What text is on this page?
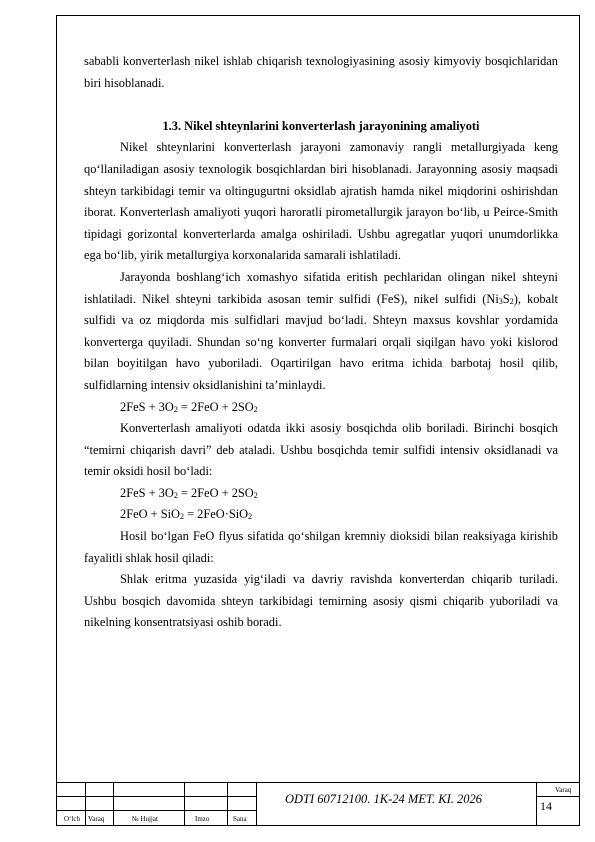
sababli konverterlash nikel ishlab chiqarish texnologiyasining asosiy kimyoviy bosqichlaridan biri hisoblanadi.

1.3. Nikel shteynlarini konverterlash jarayonining amaliyoti

Nikel shteynlarini konverterlash jarayoni zamonaviy rangli metallurgiyada keng qo‘llaniladigan asosiy texnologik bosqichlardan biri hisoblanadi. Jarayonning asosiy maqsadi shteyn tarkibidagi temir va oltingugurtni oksidlab ajratish hamda nikel miqdorini oshirishdan iborat. Konverterlash amaliyoti yuqori haroratli pirometallurgik jarayon bo‘lib, u Peirce-Smith tipidagi gorizontal konverterlarda amalga oshiriladi. Ushbu agregatlar yuqori unumdorlikka ega bo‘lib, yirik metallurgiya korxonalarida samarali ishlatiladi.

Jarayonda boshlang‘ich xomashyo sifatida eritish pechlaridan olingan nikel shteyni ishlatiladi. Nikel shteyni tarkibida asosan temir sulfidi (FeS), nikel sulfidi $(Ni_3S_2)$, kobalt sulfidi va oz miqdorda mis sulfidlari mavjud bo‘ladi. Shteyn maxsus kovshlar yordamida konverterga quyiladi. Shundan so‘ng konverter furmalari orqali siqilgan havo yoki kislorod bilan boyitilgan havo yuboriladi. Oqartirilgan havo eritma ichida barbotaj hosil qilib, sulfidlarning intensiv oksidlanishini ta’minlaydi.

$2FeS + 3O_2 = 2FeO + 2SO_2$

Konverterlash amaliyoti odatda ikki asosiy bosqichda olib boriladi. Birinchi bosqich “temirni chiqarish davri” deb ataladi. Ushbu bosqichda temir sulfidi intensiv oksidlanadi va temir oksidi hosil bo‘ladi:

$2FeS + 3O_2 = 2FeO + 2SO_2$

2FeO + SiO$_2$ = 2FeO·SiO$_2$

Hosil bo‘lgan FeO flyus sifatida qo‘shilgan kremniy dioksidi bilan reaksiyaga kirishib fayalitli shlak hosil qiladi:

Shlak eritma yuzasida yig‘iladi va davriy ravishda konverterdan chiqarib turiladi. Ushbu bosqich davomida shteyn tarkibidagi temirning asosiy qismi chiqarib yuboriladi va nikelning konsentratsiyasi oshib boradi.

O‘lch Varaq	№ Hujjat	Imzo	Sana
ODTI 60712100. 1K-24 MET. KI. 2026
Varaq
14
